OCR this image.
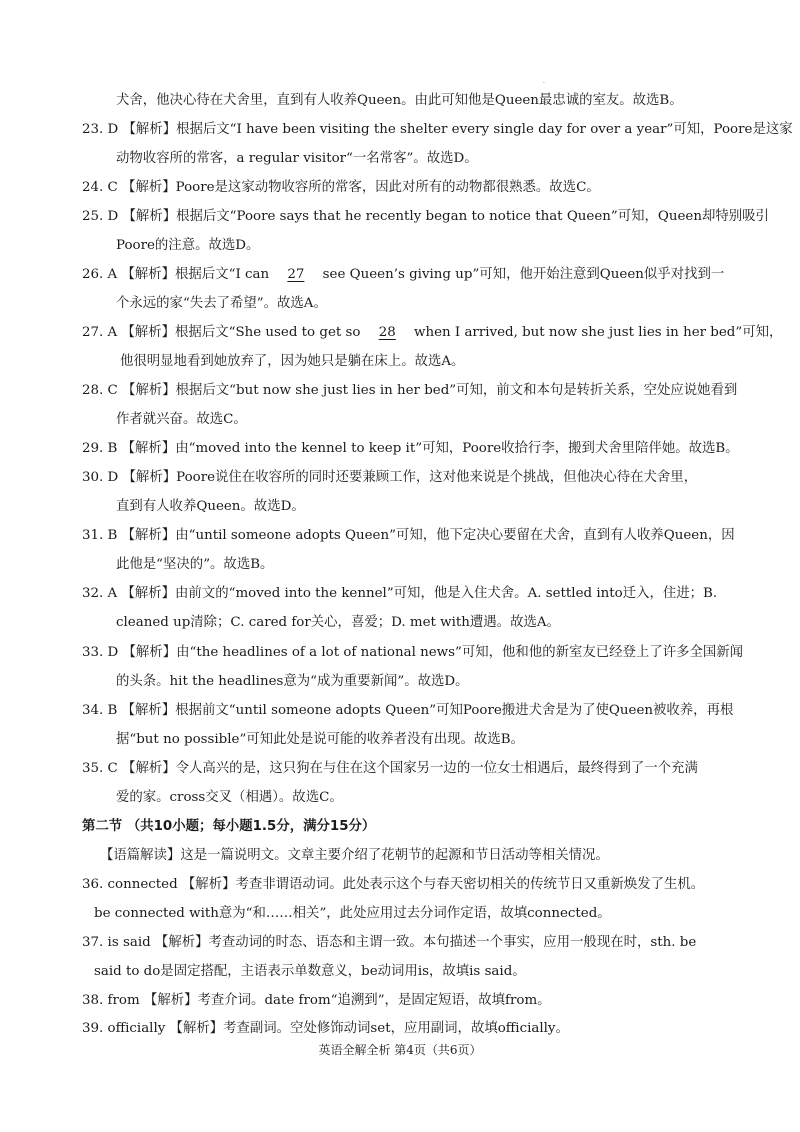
·
犬舍，他决心待在犬舍里，直到有人收养Queen。由此可知他是Queen最忠诚的室友。故选B。
23. D 【解析】根据后文“I have been visiting the shelter every single day for over a year”可知，Poore是这家
动物收容所的常客，a regular visitor“一名常客”。故选D。
24. C 【解析】Poore是这家动物收容所的常客，因此对所有的动物都很熟悉。故选C。
25. D 【解析】根据后文“Poore says that he recently began to notice that Queen”可知，Queen却特别吸引
Poore的注意。故选D。
26. A 【解析】根据后文“I can 27 see Queen’s giving up”可知，他开始注意到Queen似乎对找到一
个永远的家“失去了希望”。故选A。
27. A 【解析】根据后文“She used to get so 28 when I arrived, but now she just lies in her bed”可知，
他很明显地看到她放弃了，因为她只是躺在床上。故选A。
28. C 【解析】根据后文“but now she just lies in her bed”可知，前文和本句是转折关系，空处应说她看到
作者就兴奋。故选C。
29. B 【解析】由“moved into the kennel to keep it”可知，Poore收拾行李，搬到犬舍里陪伴她。故选B。
30. D 【解析】Poore说住在收容所的同时还要兼顾工作，这对他来说是个挑战，但他决心待在犬舍里，
直到有人收养Queen。故选D。
31. B 【解析】由“until someone adopts Queen”可知，他下定决心要留在犬舍，直到有人收养Queen，因
此他是“坚决的”。故选B。
32. A 【解析】由前文的“moved into the kennel”可知，他是入住犬舍。A. settled into迁入，住进；B.
cleaned up清除；C. cared for关心，喜爱；D. met with遭遇。故选A。
33. D 【解析】由“the headlines of a lot of national news”可知，他和他的新室友已经登上了许多全国新闻
的头条。hit the headlines意为“成为重要新闻”。故选D。
34. B 【解析】根据前文“until someone adopts Queen”可知Poore搬进犬舍是为了使Queen被收养，再根
据“but no possible”可知此处是说可能的收养者没有出现。故选B。
35. C 【解析】令人高兴的是，这只狗在与住在这个国家另一边的一位女士相遇后，最终得到了一个充满
爱的家。cross交叉（相遇）。故选C。
第二节 （共10小题；每小题1.5分，满分15分）
【语篇解读】这是一篇说明文。文章主要介绍了花朝节的起源和节日活动等相关情况。
36. connected 【解析】考查非谓语动词。此处表示这个与春天密切相关的传统节日又重新焕发了生机。
be connected with意为“和……相关”，此处应用过去分词作定语，故填connected。
37. is said 【解析】考查动词的时态、语态和主谓一致。本句描述一个事实，应用一般现在时，sth. be
said to do是固定搭配，主语表示单数意义，be动词用is，故填is said。
38. from 【解析】考查介词。date from“追溯到”，是固定短语，故填from。
39. officially 【解析】考查副词。空处修饰动词set，应用副词，故填officially。
英语全解全析 第4页（共6页）
